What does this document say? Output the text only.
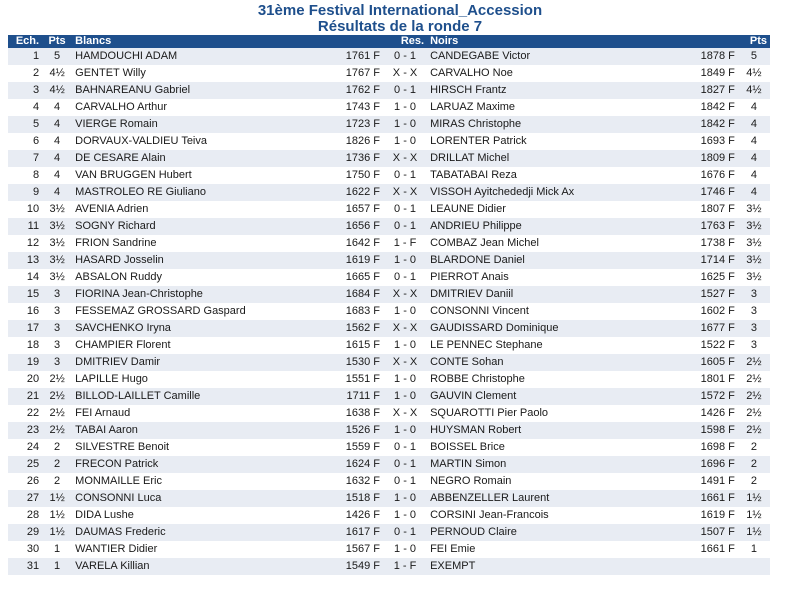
31ème Festival International_Accession
Résultats de la ronde 7
Ech.	Pts	Blancs		Res.	Noirs		Pts
1	5	HAMDOUCHI ADAM	1761 F	0 - 1	CANDEGABE Victor	1878 F	5
2	4½	GENTET Willy	1767 F	X - X	CARVALHO Noe	1849 F	4½
3	4½	BAHNAREANU Gabriel	1762 F	0 - 1	HIRSCH Frantz	1827 F	4½
4	4	CARVALHO Arthur	1743 F	1 - 0	LARUAZ Maxime	1842 F	4
5	4	VIERGE Romain	1723 F	1 - 0	MIRAS Christophe	1842 F	4
6	4	DORVAUX-VALDIEU Teiva	1826 F	1 - 0	LORENTER Patrick	1693 F	4
7	4	DE CESARE Alain	1736 F	X - X	DRILLAT Michel	1809 F	4
8	4	VAN BRUGGEN Hubert	1750 F	0 - 1	TABATABAI Reza	1676 F	4
9	4	MASTROLEO RE Giuliano	1622 F	X - X	VISSOH Ayitchededji Mick Ax	1746 F	4
10	3½	AVENIA Adrien	1657 F	0 - 1	LEAUNE Didier	1807 F	3½
11	3½	SOGNY Richard	1656 F	0 - 1	ANDRIEU Philippe	1763 F	3½
12	3½	FRION Sandrine	1642 F	1 - F	COMBAZ Jean Michel	1738 F	3½
13	3½	HASARD Josselin	1619 F	1 - 0	BLARDONE Daniel	1714 F	3½
14	3½	ABSALON Ruddy	1665 F	0 - 1	PIERROT Anais	1625 F	3½
15	3	FIORINA Jean-Christophe	1684 F	X - X	DMITRIEV Daniil	1527 F	3
16	3	FESSEMAZ GROSSARD Gaspard	1683 F	1 - 0	CONSONNI Vincent	1602 F	3
17	3	SAVCHENKO Iryna	1562 F	X - X	GAUDISSARD Dominique	1677 F	3
18	3	CHAMPIER Florent	1615 F	1 - 0	LE PENNEC Stephane	1522 F	3
19	3	DMITRIEV Damir	1530 F	X - X	CONTE Sohan	1605 F	2½
20	2½	LAPILLE Hugo	1551 F	1 - 0	ROBBE Christophe	1801 F	2½
21	2½	BILLOD-LAILLET Camille	1711 F	1 - 0	GAUVIN Clement	1572 F	2½
22	2½	FEI Arnaud	1638 F	X - X	SQUAROTTI Pier Paolo	1426 F	2½
23	2½	TABAI Aaron	1526 F	1 - 0	HUYSMAN Robert	1598 F	2½
24	2	SILVESTRE Benoit	1559 F	0 - 1	BOISSEL Brice	1698 F	2
25	2	FRECON Patrick	1624 F	0 - 1	MARTIN Simon	1696 F	2
26	2	MONMAILLE Eric	1632 F	0 - 1	NEGRO Romain	1491 F	2
27	1½	CONSONNI Luca	1518 F	1 - 0	ABBENZELLER Laurent	1661 F	1½
28	1½	DIDA Lushe	1426 F	1 - 0	CORSINI Jean-Francois	1619 F	1½
29	1½	DAUMAS Frederic	1617 F	0 - 1	PERNOUD Claire	1507 F	1½
30	1	WANTIER Didier	1567 F	1 - 0	FEI Emie	1661 F	1
31	1	VARELA Killian	1549 F	1 - F	EXEMPT		
